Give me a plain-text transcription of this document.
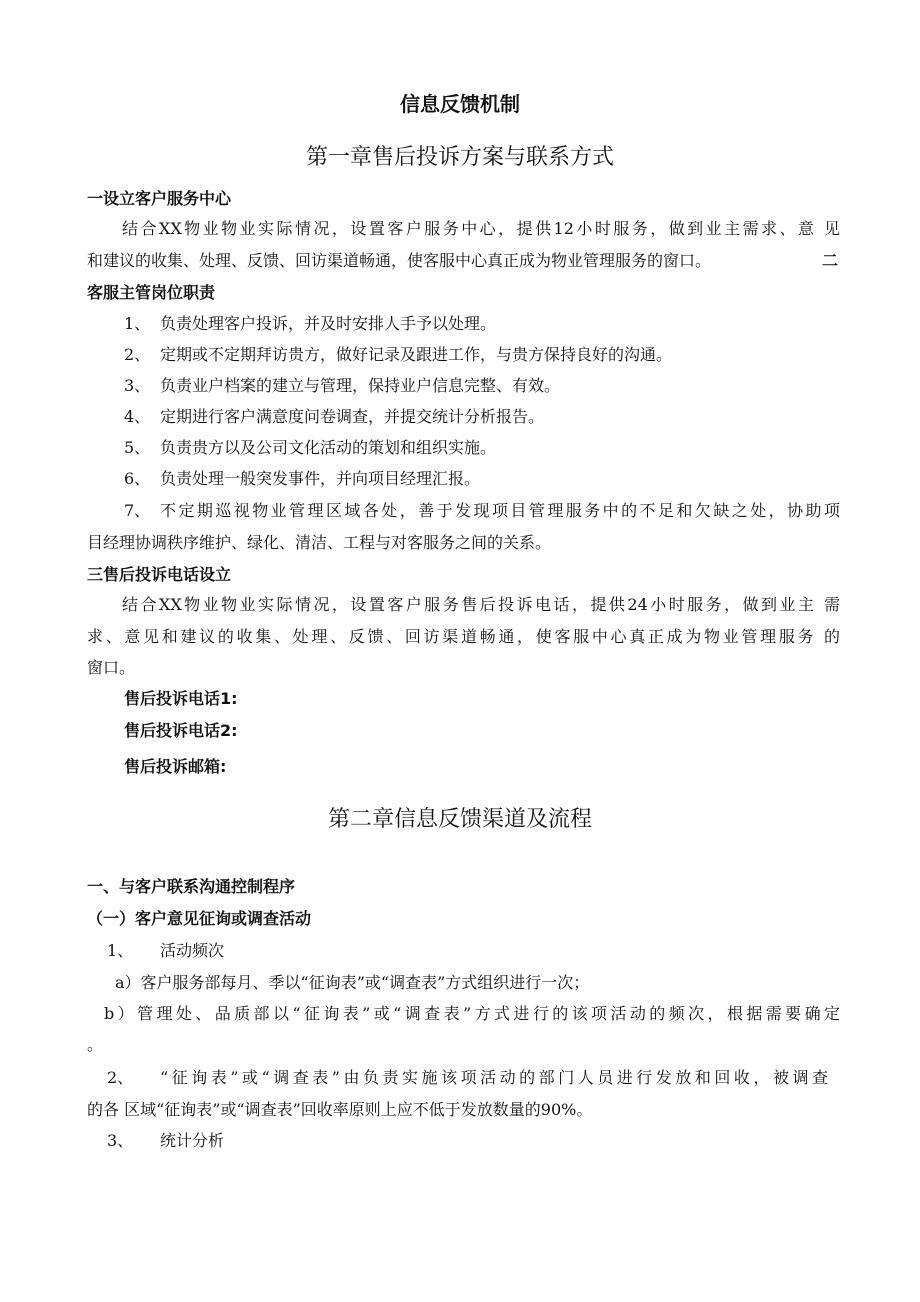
信息反馈机制
第一章售后投诉方案与联系方式
一设立客户服务中心
结合XX物业物业实际情况，设置客户服务中心，提供12小时服务，做到业主需求、意 见
和建议的收集、处理、反馈、回访渠道畅通，使客服中心真正成为物业管理服务的窗口。	二
客服主管岗位职责
1、 负责处理客户投诉，并及时安排人手予以处理。
2、 定期或不定期拜访贵方，做好记录及跟进工作，与贵方保持良好的沟通。
3、 负责业户档案的建立与管理，保持业户信息完整、有效。
4、 定期进行客户满意度问卷调查，并提交统计分析报告。
5、 负责贵方以及公司文化活动的策划和组织实施。
6、 负责处理一般突发事件，并向项目经理汇报。
7、 不定期巡视物业管理区域各处，善于发现项目管理服务中的不足和欠缺之处，协助项
目经理协调秩序维护、绿化、清洁、工程与对客服务之间的关系。
三售后投诉电话设立
结合XX物业物业实际情况，设置客户服务售后投诉电话，提供24小时服务，做到业主 需
求、意见和建议的收集、处理、反馈、回访渠道畅通，使客服中心真正成为物业管理服务 的
窗口。
售后投诉电话1:
售后投诉电话2:
售后投诉邮箱:
第二章信息反馈渠道及流程
一、与客户联系沟通控制程序
（一）客户意见征询或调查活动
1、 活动频次
a）客户服务部每月、季以“征询表”或“调查表”方式组织进行一次；
b）管理处、品质部以“征询表”或“调查表”方式进行的该项活动的频次，根据需要确定
。
2、 “征询表”或“调查表”由负责实施该项活动的部门人员进行发放和回收，被调查
的各 区域“征询表”或“调查表”回收率原则上应不低于发放数量的90%。
3、 统计分析
